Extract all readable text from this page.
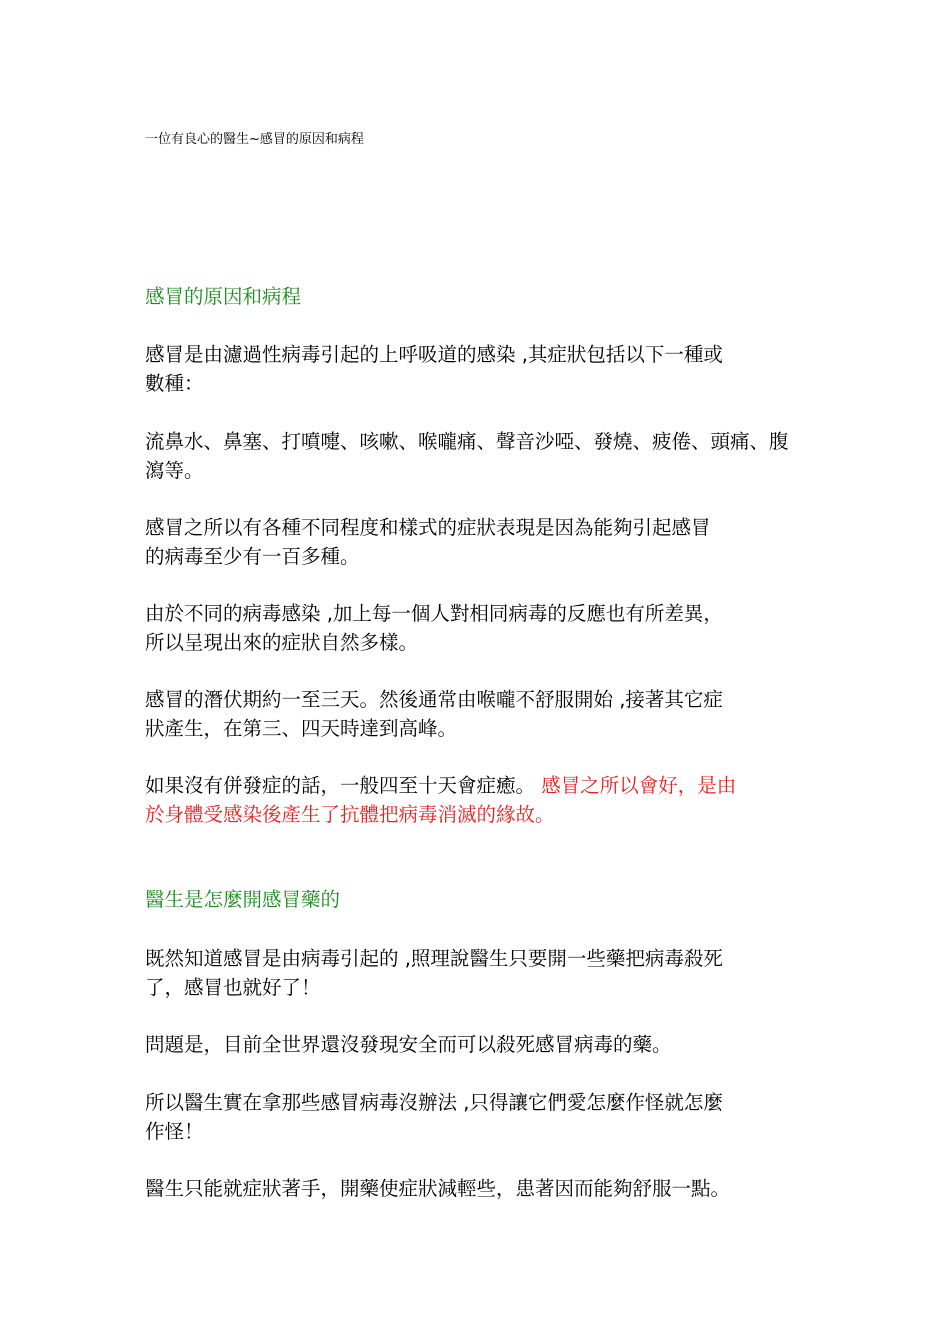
一位有良心的醫生~感冒的原因和病程
感冒的原因和病程
感冒是由濾過性病毒引起的上呼吸道的感染 ,其症狀包括以下一種或
數種：
流鼻水、鼻塞、打噴嚏、咳嗽、喉嚨痛、聲音沙啞、發燒、疲倦、頭痛、腹
瀉等。
感冒之所以有各種不同程度和樣式的症狀表現是因為能夠引起感冒
的病毒至少有一百多種。
由於不同的病毒感染 ,加上每一個人對相同病毒的反應也有所差異，
所以呈現出來的症狀自然多樣。
感冒的潛伏期約一至三天。然後通常由喉嚨不舒服開始 ,接著其它症
狀產生，在第三、四天時達到高峰。
如果沒有併發症的話，一般四至十天會症癒。 感冒之所以會好，是由
於身體受感染後產生了抗體把病毒消滅的緣故。
醫生是怎麼開感冒藥的
既然知道感冒是由病毒引起的 ,照理說醫生只要開一些藥把病毒殺死
了，感冒也就好了！
問題是，目前全世界還沒發現安全而可以殺死感冒病毒的藥。
所以醫生實在拿那些感冒病毒沒辦法 ,只得讓它們愛怎麼作怪就怎麼
作怪！
醫生只能就症狀著手，開藥使症狀減輕些，患著因而能夠舒服一點。
